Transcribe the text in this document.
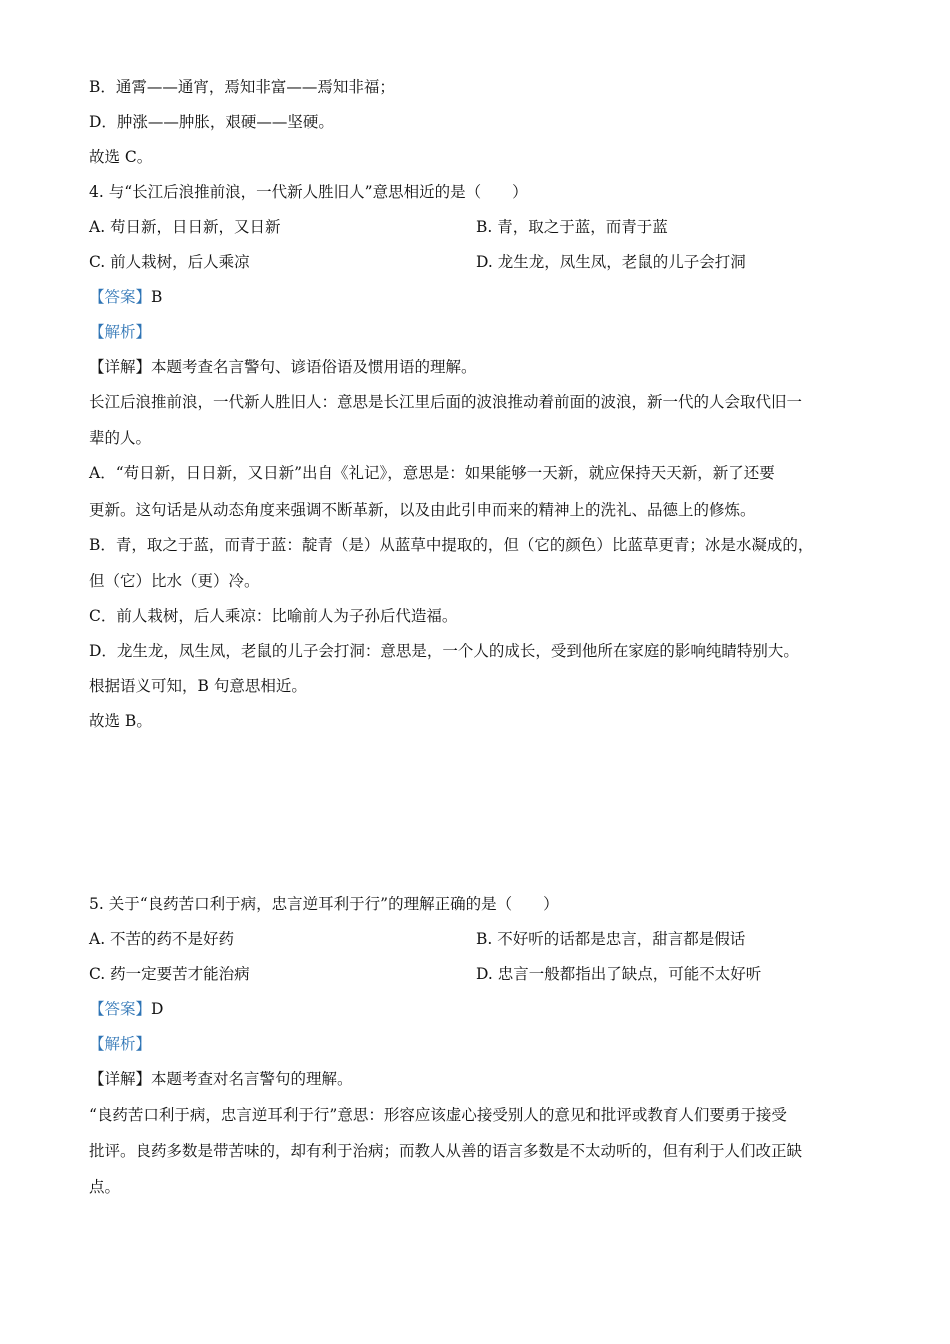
B．通霄——通宵，焉知非富——焉知非福；
D．肿涨——肿胀，艰硬——坚硬。
故选 C。
4. 与“长江后浪推前浪，一代新人胜旧人”意思相近的是（　　）
A. 苟日新，日日新，又日新	B. 青，取之于蓝，而青于蓝
C. 前人栽树，后人乘凉	D. 龙生龙，凤生凤，老鼠的儿子会打洞
【答案】B
【解析】
【详解】本题考查名言警句、谚语俗语及惯用语的理解。
长江后浪推前浪，一代新人胜旧人：意思是长江里后面的波浪推动着前面的波浪，新一代的人会取代旧一
辈的人。
A．“苟日新，日日新，又日新”出自《礼记》，意思是：如果能够一天新，就应保持天天新，新了还要
更新。这句话是从动态角度来强调不断革新，以及由此引申而来的精神上的洗礼、品德上的修炼。
B．青，取之于蓝，而青于蓝：靛青（是）从蓝草中提取的，但（它的颜色）比蓝草更青；冰是水凝成的，
但（它）比水（更）冷。
C．前人栽树，后人乘凉：比喻前人为子孙后代造福。
D．龙生龙，凤生凤，老鼠的儿子会打洞：意思是，一个人的成长，受到他所在家庭的影响纯睛特别大。
根据语义可知，B 句意思相近。
故选 B。
5. 关于“良药苦口利于病，忠言逆耳利于行”的理解正确的是（　　）
A. 不苦的药不是好药	B. 不好听的话都是忠言，甜言都是假话
C. 药一定要苦才能治病	D. 忠言一般都指出了缺点，可能不太好听
【答案】D
【解析】
【详解】本题考查对名言警句的理解。
“良药苦口利于病，忠言逆耳利于行”意思：形容应该虚心接受别人的意见和批评或教育人们要勇于接受
批评。良药多数是带苦味的，却有利于治病；而教人从善的语言多数是不太动听的，但有利于人们改正缺
点。
